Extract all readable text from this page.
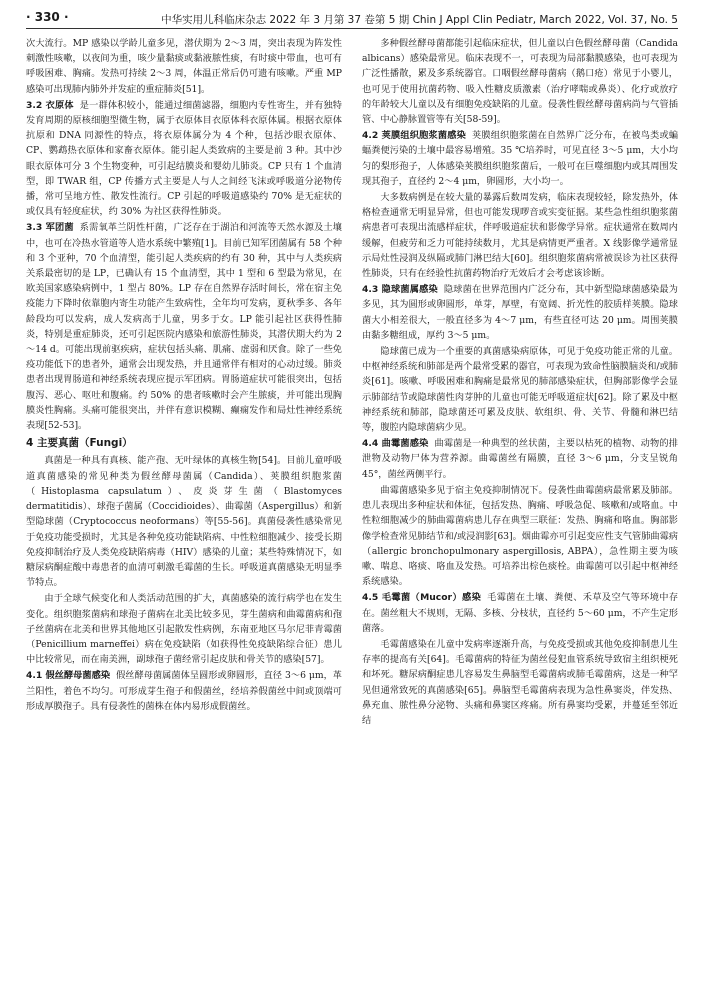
· 330 ·	中华实用儿科临床杂志 2022 年 3 月第 37 卷第 5 期 Chin J Appl Clin Pediatr, March 2022, Vol. 37, No. 5

次大流行。MP 感染以学龄儿童多见，潜伏期为 2～3 周，突出表现为阵发性刺激性咳嗽，以夜间为重，咳少量黏痰或黏液脓性痰，有时痰中带血，也可有呼吸困难、胸痛。发热可持续 2～3 周，体温正常后仍可遗有咳嗽。严重 MP 感染可出现肺内肺外并发症的重症肺炎[51]。

3.2 衣原体 是一群体积较小，能通过细菌滤器，细胞内专性寄生，并有独特发育周期的原核细胞型微生物，属于衣原体目衣原体科衣原体属。根据衣原体抗原和 DNA 同源性的特点，将衣原体属分为 4 个种，包括沙眼衣原体、CP、鹦鹉热衣原体和家畜衣原体。能引起人类致病的主要是前 3 种。其中沙眼衣原体可分 3 个生物变种，可引起结膜炎和婴幼儿肺炎。CP 只有 1 个血清型，即 TWAR 组，CP 传播方式主要是人与人之间经飞沫或呼吸道分泌物传播，常可呈地方性、散发性流行。CP 引起的呼吸道感染约 70% 是无症状的或仅具有轻度症状，约 30% 为社区获得性肺炎。

3.3 军团菌 系需氧革兰阴性杆菌，广泛存在于湖泊和河流等天然水源及土壤中，也可在冷热水管道等人造水系统中繁殖[1]。目前已知军团菌属有 58 个种和 3 个亚种，70 个血清型，能引起人类疾病的约有 30 种，其中与人类疾病关系最密切的是 LP，已确认有 15 个血清型，其中 1 型和 6 型最为常见，在欧美国家感染病例中，1 型占 80%。LP 存在自然界存活时间长，常在宿主免疫能力下降时依靠胞内寄生功能产生致病性，全年均可发病，夏秋季多、各年龄段均可以发病，成人发病高于儿童，男多于女。LP 能引起社区获得性肺炎，特别是重症肺炎，还可引起医院内感染和旅游性肺炎，其潜伏期大约为 2～14 d。可能出现前驱疾病，症状包括头痛、肌痛、虚弱和厌食。除了一些免疫功能低下的患者外，通常会出现发热，并且通常伴有相对的心动过缓。肺炎患者出现胃肠道和神经系统表现应提示军团病。胃肠道症状可能很突出，包括腹泻、恶心、呕吐和腹痛。约 50% 的患者咳嗽时会产生脓痰，并可能出现胸膜炎性胸痛。头痛可能很突出，并伴有意识模糊、癫痫发作和局灶性神经系统表现[52-53]。

4 主要真菌（Fungi）

真菌是一种具有真核、能产孢、无叶绿体的真核生物[54]。目前儿童呼吸道真菌感染的常见种类为假丝酵母菌属（Candida）、荚膜组织胞浆菌（Histoplasma capsulatum）、皮炎芽生菌（Blastomyces dermatitidis）、球孢子菌属（Coccidioides）、曲霉菌（Aspergillus）和新型隐球菌（Cryptococcus neoformans）等[55-56]。真菌侵袭性感染常见于免疫功能受损时，尤其是各种免疫功能缺陷病、中性粒细胞减少、接受长期免疫抑制治疗及人类免疫缺陷病毒（HIV）感染的儿童；某些特殊情况下，如糖尿病酮症酸中毒患者的血清可刺激毛霉菌的生长。呼吸道真菌感染无明显季节特点。

由于全球气候变化和人类活动范围的扩大，真菌感染的流行病学也在发生变化。组织胞浆菌病和球孢子菌病在北美比较多见，芽生菌病和曲霉菌病和孢子丝菌病在北美和世界其他地区引起散发性病例，东南亚地区马尔尼菲青霉菌（Penicillium marneffei）病在免疫缺陷（如获得性免疫缺陷综合征）患儿中比较常见，而在南美洲，副球孢子菌经常引起皮肤和骨关节的感染[57]。

4.1 假丝酵母菌感染 假丝酵母菌属菌体呈圆形或卵圆形，直径 3～6 μm，革兰阳性，着色不均匀。可形成芽生孢子和假菌丝，经培养假菌丝中间或顶端可形成厚膜孢子。具有侵袭性的菌株在体内易形成假菌丝。

多种假丝酵母菌都能引起临床症状，但儿童以白色假丝酵母菌（Candida albicans）感染最常见。临床表现不一，可表现为局部黏膜感染，也可表现为广泛性播散，累及多系统器官。口咽假丝酵母菌病（鹅口疮）常见于小婴儿，也可见于使用抗菌药物、吸入性糖皮质激素（治疗哮喘或鼻炎）、化疗或放疗的年龄较大儿童以及有细胞免疫缺陷的儿童。侵袭性假丝酵母菌病尚与气管插管、中心静脉置管等有关[58-59]。

4.2 荚膜组织胞浆菌感染 荚膜组织胞浆菌在自然界广泛分布，在被鸟类或蝙蝠粪便污染的土壤中最容易增殖。35 ℃培养时，可见直径 3～5 μm，大小均匀的梨形孢子，人体感染荚膜组织胞浆菌后，一般可在巨噬细胞内或其周围发现其孢子，直径约 2～4 μm，卵圆形，大小均一。

大多数病例是在较大量的暴露后数周发病，临床表现较轻，除发热外，体格检查通常无明显异常，但也可能发现啰音或实变征据。某些急性组织胞浆菌病患者可表现出流感样症状，伴呼吸道症状和影像学异常。症状通常在数周内缓解，但疲劳和乏力可能持续数月，尤其是病情更严重者。X 线影像学通常显示局灶性浸润及纵隔或肺门淋巴结大[60]。组织胞浆菌病常被误诊为社区获得性肺炎，只有在经验性抗菌药物治疗无效后才会考虑该诊断。

4.3 隐球菌属感染 隐球菌在世界范围内广泛分布，其中新型隐球菌感染最为多见，其为圆形或卵圆形，单芽，厚壁，有宽阔、折光性的胶质样荚膜。隐球菌大小相差很大，一般直径多为 4～7 μm，有些直径可达 20 μm。周围荚膜由黏多糖组成，厚约 3～5 μm。

隐球菌已成为一个重要的真菌感染病原体，可见于免疫功能正常的儿童。中枢神经系统和肺部是两个最常受累的器官，可表现为致命性脑膜脑炎和/或肺炎[61]。咳嗽、呼吸困难和胸痛是最常见的肺部感染症状，但胸部影像学会显示肺部结节或隐球菌性肉芽肿的儿童也可能无呼吸道症状[62]。除了累及中枢神经系统和肺部，隐球菌还可累及皮肤、软组织、骨、关节、骨髓和淋巴结等，腹腔内隐球菌病少见。

4.4 曲霉菌感染 曲霉菌是一种典型的丝状菌，主要以枯死的植物、动物的排泄物及动物尸体为营养源。曲霉菌丝有隔膜，直径 3～6 μm，分支呈锐角 45°，菌丝两侧平行。

曲霉菌感染多见于宿主免疫抑制情况下。侵袭性曲霉菌病最常累及肺部。患儿表现出多种症状和体征，包括发热、胸痛、呼吸急促、咳嗽和/或咯血。中性粒细胞减少的肺曲霉菌病患儿存在典型三联征：发热、胸痛和咯血。胸部影像学检查常见肺结节和/或浸润影[63]。烟曲霉亦可引起变应性支气管肺曲霉病（allergic bronchopulmonary aspergillosis, ABPA），急性期主要为咳嗽、喘息、咯痰、咯血及发热。可培养出棕色痰栓。曲霉菌可以引起中枢神经系统感染。

4.5 毛霉菌（Mucor）感染 毛霉菌在土壤、粪便、禾草及空气等环境中存在。菌丝粗大不规则，无隔、多核、分枝状，直径约 5～60 μm，不产生定形菌落。

毛霉菌感染在儿童中发病率逐渐升高，与免疫受损或其他免疫抑制患儿生存率的提高有关[64]。毛霉菌病的特征为菌丝侵犯血管系统导致宿主组织梗死和坏死。糖尿病酮症患儿容易发生鼻脑型毛霉菌病或肺毛霉菌病，这是一种罕见但通常致死的真菌感染[65]。鼻脑型毛霉菌病表现为急性鼻窦炎，伴发热、鼻充血、脓性鼻分泌物、头痛和鼻窦区疼痛。所有鼻窦均受累，并蔓延至邻近结
